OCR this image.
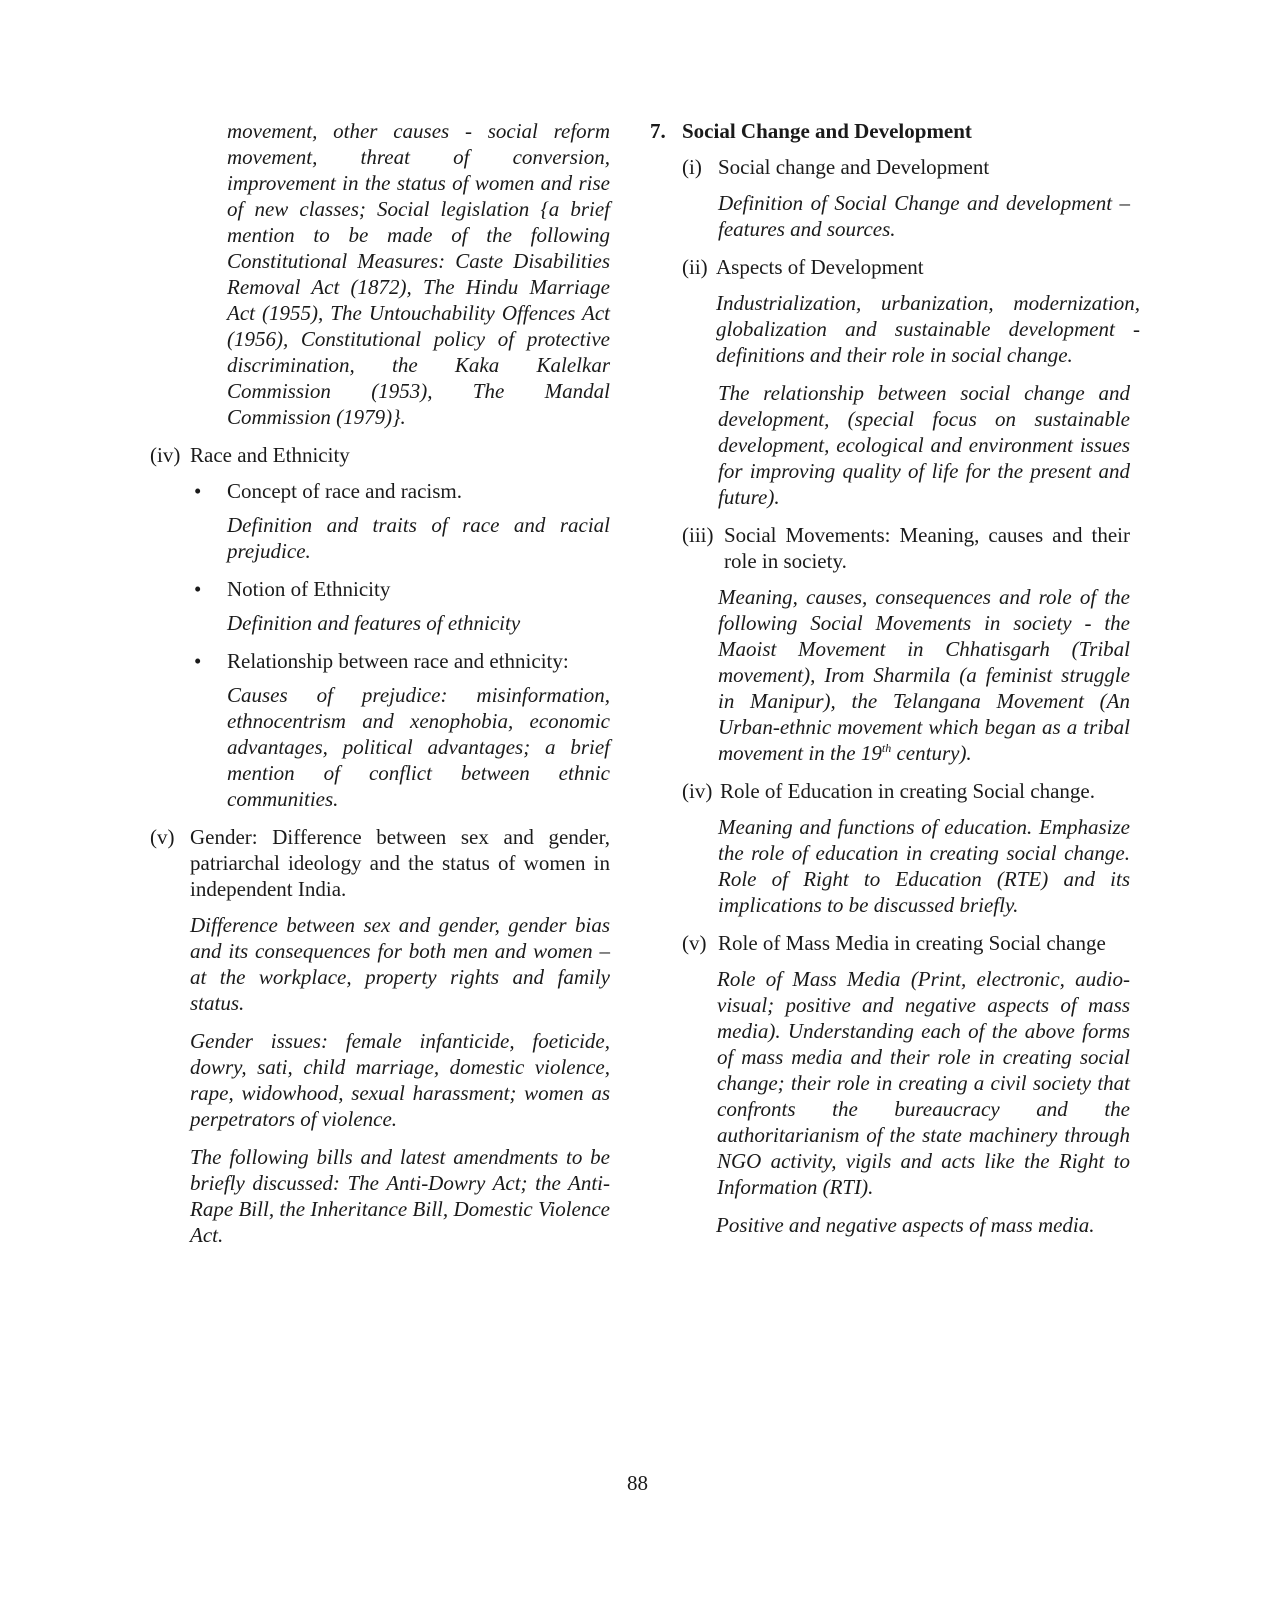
movement, other causes - social reform movement, threat of conversion, improvement in the status of women and rise of new classes; Social legislation {a brief mention to be made of the following Constitutional Measures: Caste Disabilities Removal Act (1872), The Hindu Marriage Act (1955), The Untouchability Offences Act (1956), Constitutional policy of protective discrimination, the Kaka Kalelkar Commission (1953), The Mandal Commission (1979)}.

(iv) Race and Ethnicity
•	Concept of race and racism.

Definition and traits of race and racial prejudice.

•	Notion of Ethnicity

Definition and features of ethnicity

•	Relationship between race and ethnicity:

Causes of prejudice: misinformation, ethnocentrism and xenophobia, economic advantages, political advantages; a brief mention of conflict between ethnic communities.

(v) Gender: Difference between sex and gender, patriarchal ideology and the status of women in independent India.

Difference between sex and gender, gender bias and its consequences for both men and women – at the workplace, property rights and family status.

Gender issues: female infanticide, foeticide, dowry, sati, child marriage, domestic violence, rape, widowhood, sexual harassment; women as perpetrators of violence.

The following bills and latest amendments to be briefly discussed: The Anti-Dowry Act; the Anti-Rape Bill, the Inheritance Bill, Domestic Violence Act.

7. Social Change and Development
(i) Social change and Development

Definition of Social Change and development – features and sources.

(ii) Aspects of Development

Industrialization, urbanization, modernization, globalization and sustainable development - definitions and their role in social change.

The relationship between social change and development, (special focus on sustainable development, ecological and environment issues for improving quality of life for the present and future).

(iii) Social Movements: Meaning, causes and their role in society.

Meaning, causes, consequences and role of the following Social Movements in society - the Maoist Movement in Chhatisgarh (Tribal movement), Irom Sharmila (a feminist struggle in Manipur), the Telangana Movement (An Urban-ethnic movement which began as a tribal movement in the 19th century).

(iv) Role of Education in creating Social change.

Meaning and functions of education. Emphasize the role of education in creating social change. Role of Right to Education (RTE) and its implications to be discussed briefly.

(v) Role of Mass Media in creating Social change

Role of Mass Media (Print, electronic, audio-visual; positive and negative aspects of mass media). Understanding each of the above forms of mass media and their role in creating social change; their role in creating a civil society that confronts the bureaucracy and the authoritarianism of the state machinery through NGO activity, vigils and acts like the Right to Information (RTI).

Positive and negative aspects of mass media.

88
